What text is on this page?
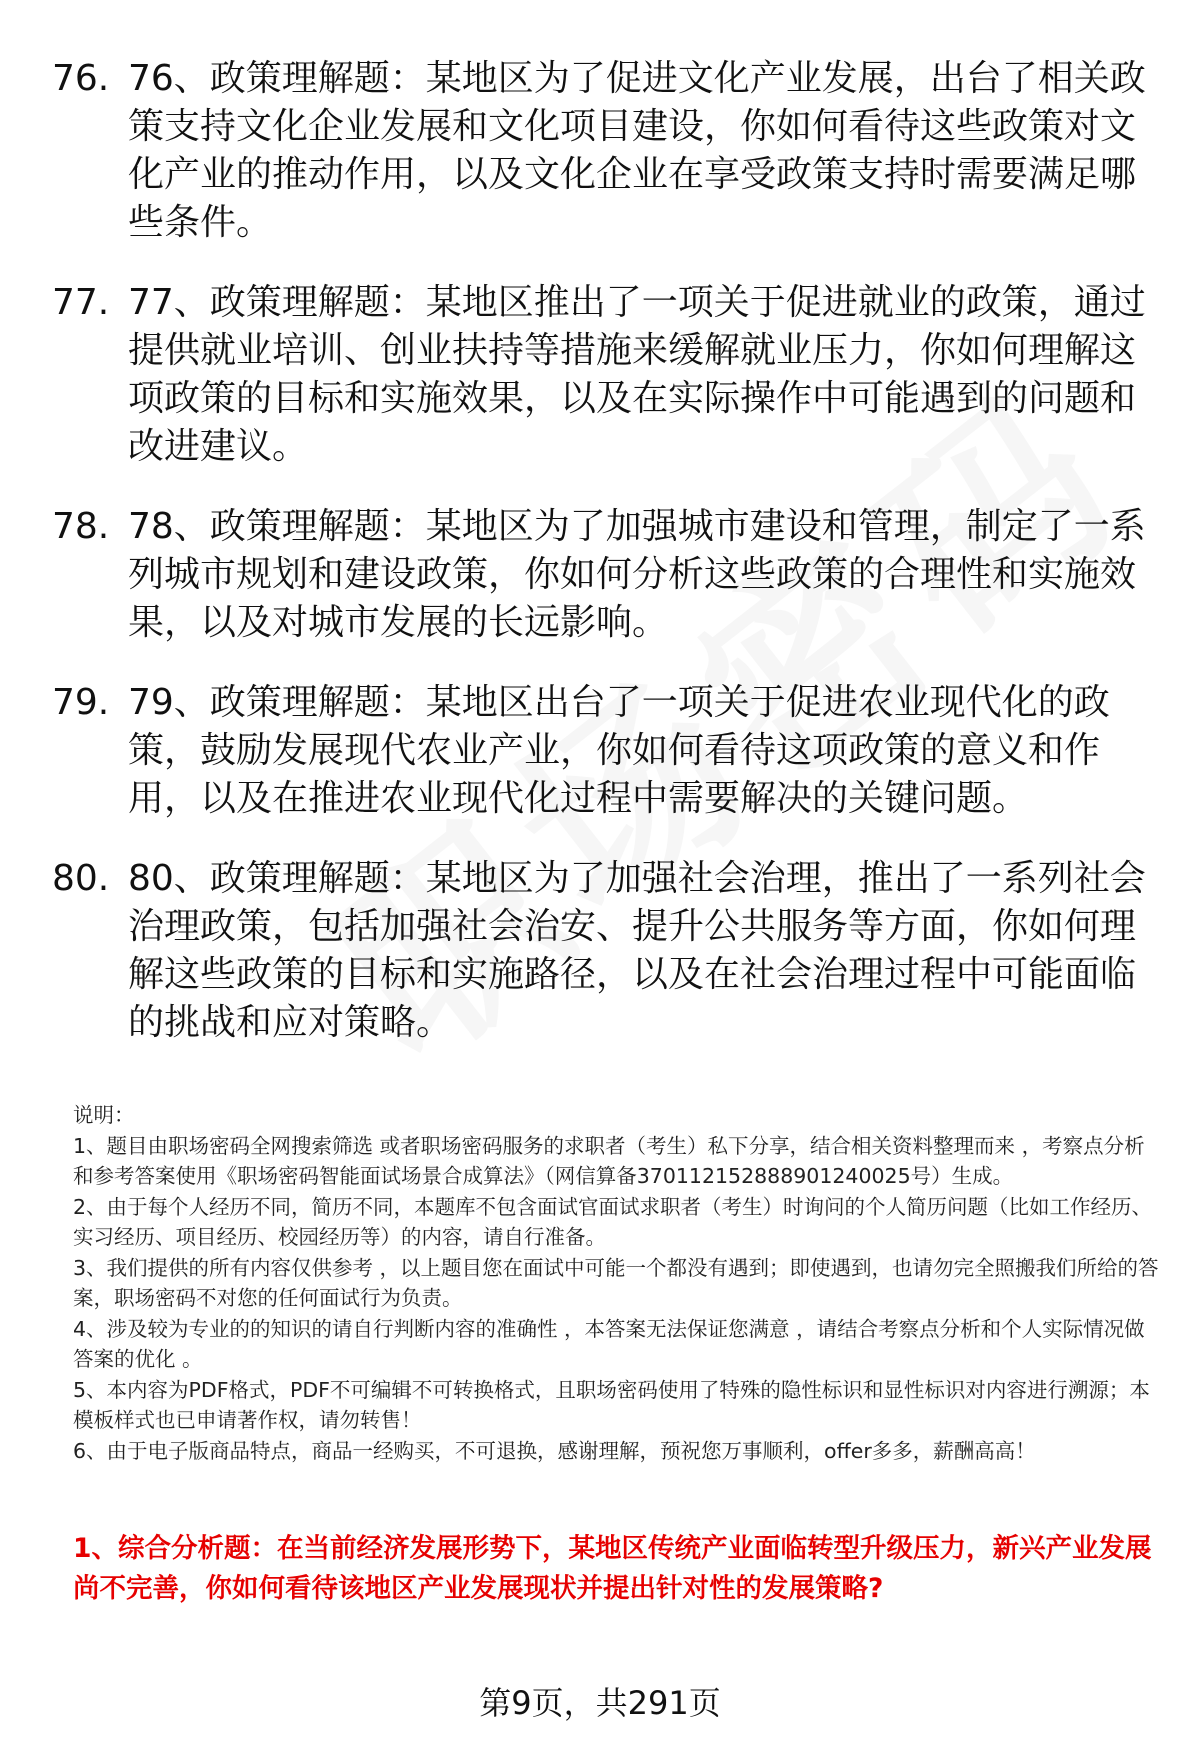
76. 76、政策理解题：某地区为了促进文化产业发展，出台了相关政策支持文化企业发展和文化项目建设，你如何看待这些政策对文化产业的推动作用，以及文化企业在享受政策支持时需要满足哪些条件。
77. 77、政策理解题：某地区推出了一项关于促进就业的政策，通过提供就业培训、创业扶持等措施来缓解就业压力，你如何理解这项政策的目标和实施效果，以及在实际操作中可能遇到的问题和改进建议。
78. 78、政策理解题：某地区为了加强城市建设和管理，制定了一系列城市规划和建设政策，你如何分析这些政策的合理性和实施效果，以及对城市发展的长远影响。
79. 79、政策理解题：某地区出台了一项关于促进农业现代化的政策，鼓励发展现代农业产业，你如何看待这项政策的意义和作用，以及在推进农业现代化过程中需要解决的关键问题。
80. 80、政策理解题：某地区为了加强社会治理，推出了一系列社会治理政策，包括加强社会治安、提升公共服务等方面，你如何理解这些政策的目标和实施路径，以及在社会治理过程中可能面临的挑战和应对策略。

说明：

1、题目由职场密码全网搜索筛选 或者职场密码服务的求职者（考生）私下分享，结合相关资料整理而来 ，考察点分析和参考答案使用《职场密码智能面试场景合成算法》（网信算备370112152888901240025号）生成。

2、由于每个人经历不同，简历不同，本题库不包含面试官面试求职者（考生）时询问的个人简历问题（比如工作经历、实习经历、项目经历、校园经历等）的内容，请自行准备。

3、我们提供的所有内容仅供参考 ，以上题目您在面试中可能一个都没有遇到；即使遇到，也请勿完全照搬我们所给的答案，职场密码不对您的任何面试行为负责。

4、涉及较为专业的的知识的请自行判断内容的准确性 ，本答案无法保证您满意 ，请结合考察点分析和个人实际情况做答案的优化 。

5、本内容为PDF格式，PDF不可编辑不可转换格式，且职场密码使用了特殊的隐性标识和显性标识对内容进行溯源；本模板样式也已申请著作权，请勿转售！

6、由于电子版商品特点，商品一经购买，不可退换，感谢理解，预祝您万事顺利，offer多多，薪酬高高！

1、综合分析题：在当前经济发展形势下，某地区传统产业面临转型升级压力，新兴产业发展尚不完善，你如何看待该地区产业发展现状并提出针对性的发展策略?
第9页，共291页
